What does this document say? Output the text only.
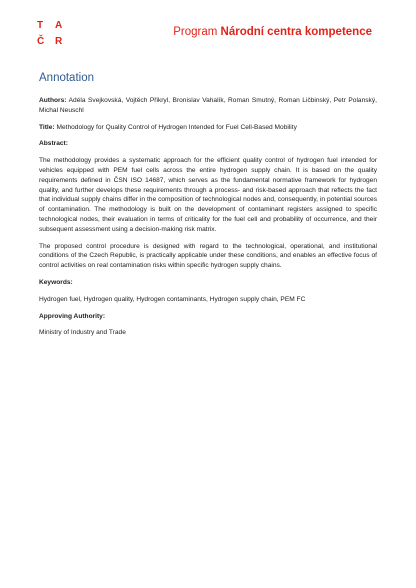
T	A
Č	R
Program Národní centra kompetence
Annotation

Authors: Adéla Svejkovská, Vojtěch Přikryl, Bronislav Vahalík, Roman Smutný, Roman Ličbinský, Petr Polanský, Michal Neuschl

Title: Methodology for Quality Control of Hydrogen Intended for Fuel Cell-Based Mobility

Abstract:

The methodology provides a systematic approach for the efficient quality control of hydrogen fuel intended for vehicles equipped with PEM fuel cells across the entire hydrogen supply chain. It is based on the quality requirements defined in ČSN ISO 14687, which serves as the fundamental normative framework for hydrogen quality, and further develops these requirements through a process- and risk-based approach that reflects the fact that individual supply chains differ in the composition of technological nodes and, consequently, in potential sources of contamination. The methodology is built on the development of contaminant registers assigned to specific technological nodes, their evaluation in terms of criticality for the fuel cell and probability of occurrence, and their subsequent assessment using a decision-making risk matrix.

The proposed control procedure is designed with regard to the technological, operational, and institutional conditions of the Czech Republic, is practically applicable under these conditions, and enables an effective focus of control activities on real contamination risks within specific hydrogen supply chains.

Keywords:

Hydrogen fuel, Hydrogen quality, Hydrogen contaminants, Hydrogen supply chain, PEM FC

Approving Authority:

Ministry of Industry and Trade
